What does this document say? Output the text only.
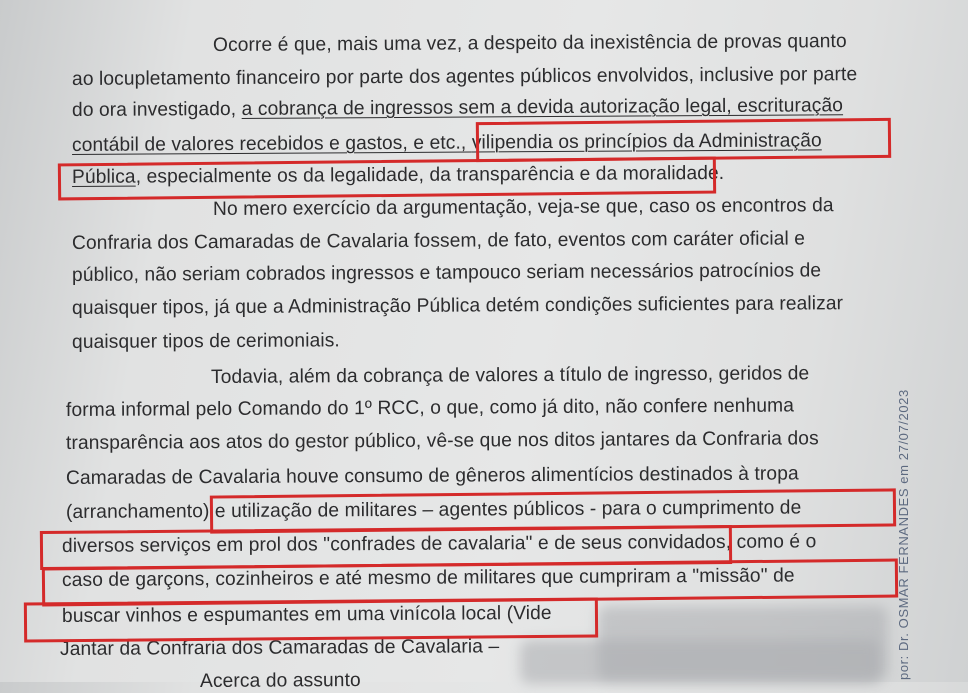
Ocorre é que, mais uma vez, a despeito da inexistência de provas quanto
ao locupletamento financeiro por parte dos agentes públicos envolvidos, inclusive por parte
do ora investigado, a cobrança de ingressos sem a devida autorização legal, escrituração
contábil de valores recebidos e gastos, e etc., vilipendia os princípios da Administração
Pública, especialmente os da legalidade, da transparência e da moralidade.
No mero exercício da argumentação, veja-se que, caso os encontros da
Confraria dos Camaradas de Cavalaria fossem, de fato, eventos com caráter oficial e
público, não seriam cobrados ingressos e tampouco seriam necessários patrocínios de
quaisquer tipos, já que a Administração Pública detém condições suficientes para realizar
quaisquer tipos de cerimoniais.
Todavia, além da cobrança de valores a título de ingresso, geridos de
forma informal pelo Comando do 1º RCC, o que, como já dito, não confere nenhuma
transparência aos atos do gestor público, vê-se que nos ditos jantares da Confraria dos
Camaradas de Cavalaria houve consumo de gêneros alimentícios destinados à tropa
(arranchamento) e utilização de militares – agentes públicos - para o cumprimento de
diversos serviços em prol dos "confrades de cavalaria" e de seus convidados, como é o
caso de garçons, cozinheiros e até mesmo de militares que cumpriram a "missão" de
buscar vinhos e espumantes em uma vinícola local (Vide
Jantar da Confraria dos Camaradas de Cavalaria –
Acerca do assunto
por: Dr. OSMAR FERNANDES em 27/07/2023
